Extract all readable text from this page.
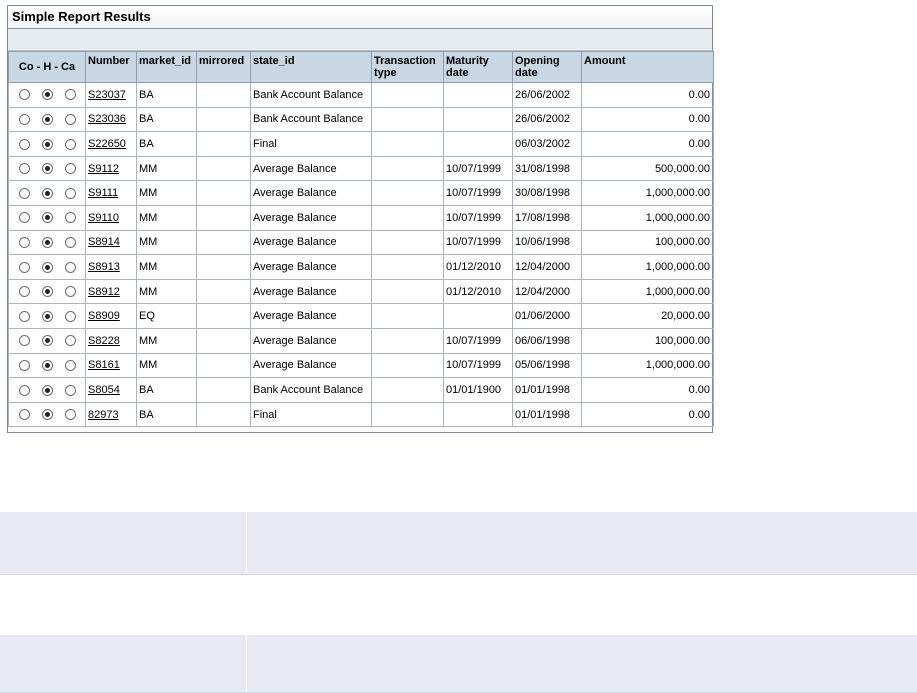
Simple Report Results
Co - H - Ca	Number	market_id	mirrored	state_id	Transaction type	Maturity date	Opening date	Amount
	S23037	BA		Bank Account Balance			26/06/2002	0.00
	S23036	BA		Bank Account Balance			26/06/2002	0.00
	S22650	BA		Final			06/03/2002	0.00
	S9112	MM		Average Balance		10/07/1999	31/08/1998	500,000.00
	S9111	MM		Average Balance		10/07/1999	30/08/1998	1,000,000.00
	S9110	MM		Average Balance		10/07/1999	17/08/1998	1,000,000.00
	S8914	MM		Average Balance		10/07/1999	10/06/1998	100,000.00
	S8913	MM		Average Balance		01/12/2010	12/04/2000	1,000,000.00
	S8912	MM		Average Balance		01/12/2010	12/04/2000	1,000,000.00
	S8909	EQ		Average Balance			01/06/2000	20,000.00
	S8228	MM		Average Balance		10/07/1999	06/06/1998	100,000.00
	S8161	MM		Average Balance		10/07/1999	05/06/1998	1,000,000.00
	S8054	BA		Bank Account Balance		01/01/1900	01/01/1998	0.00
	82973	BA		Final			01/01/1998	0.00
